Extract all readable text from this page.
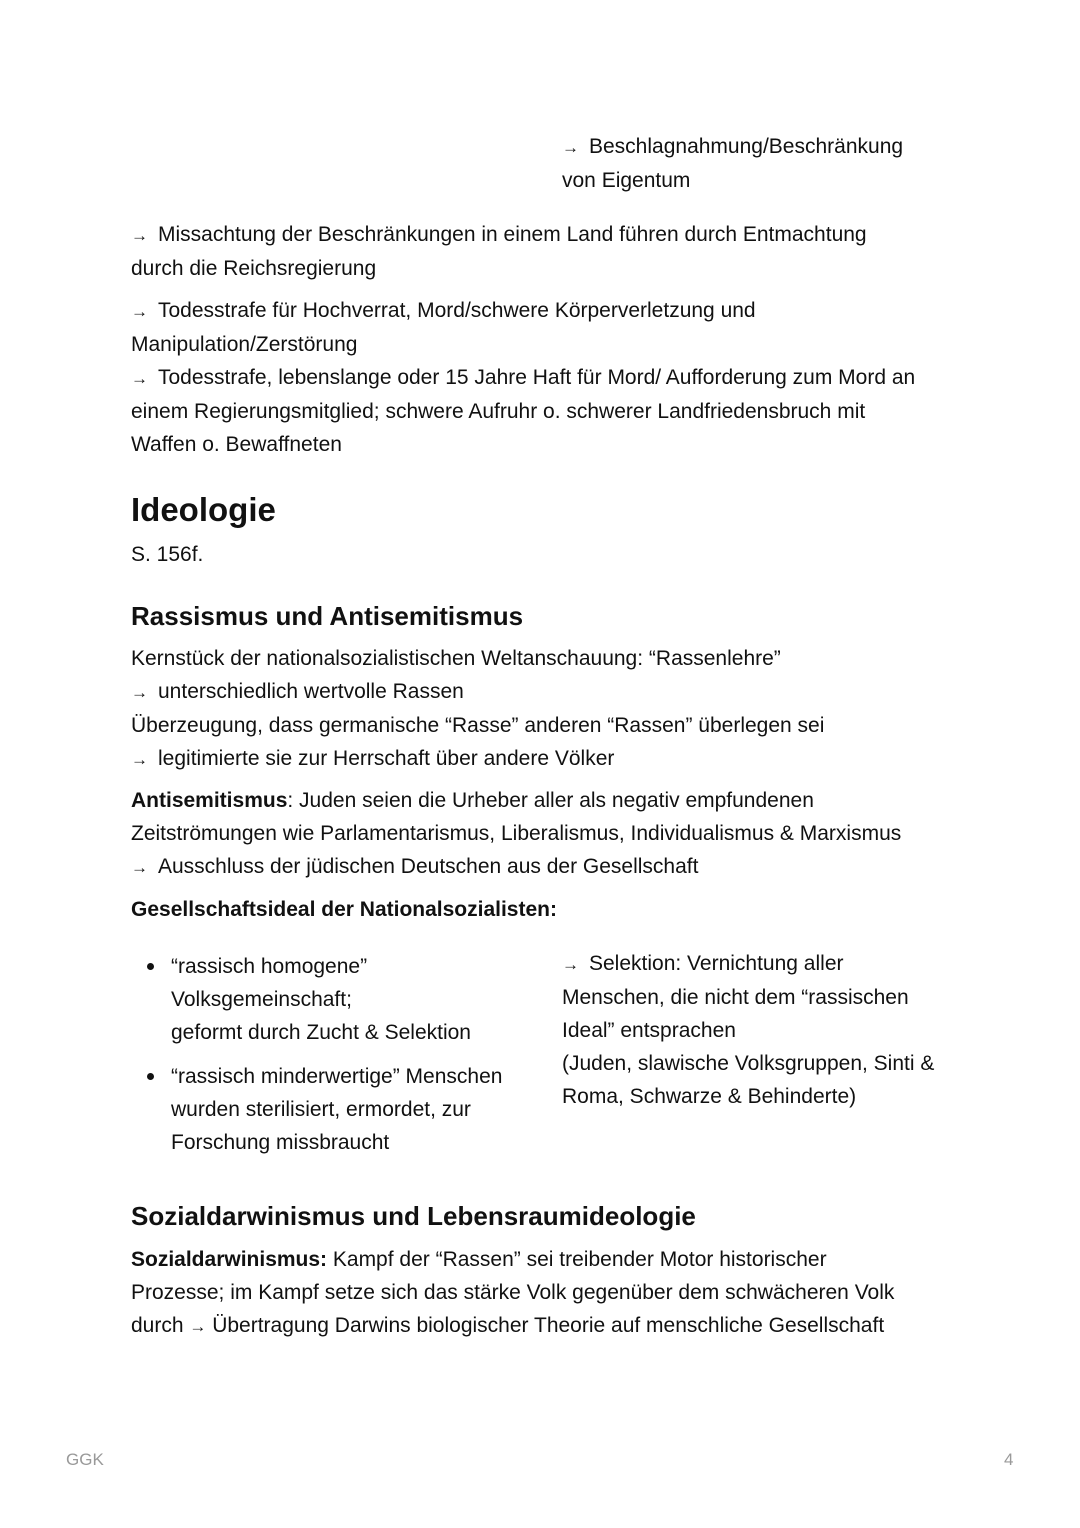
→ Beschlagnahmung/Beschränkung
von Eigentum
→ Missachtung der Beschränkungen in einem Land führen durch Entmachtung
durch die Reichsregierung
→ Todesstrafe für Hochverrat, Mord/schwere Körperverletzung und
Manipulation/Zerstörung
→ Todesstrafe, lebenslange oder 15 Jahre Haft für Mord/ Aufforderung zum Mord an
einem Regierungsmitglied; schwere Aufruhr o. schwerer Landfriedensbruch mit
Waffen o. Bewaffneten
Ideologie
S. 156f.
Rassismus und Antisemitismus
Kernstück der nationalsozialistischen Weltanschauung: “Rassenlehre”
→ unterschiedlich wertvolle Rassen
Überzeugung, dass germanische “Rasse” anderen “Rassen” überlegen sei
→ legitimierte sie zur Herrschaft über andere Völker
Antisemitismus: Juden seien die Urheber aller als negativ empfundenen
Zeitströmungen wie Parlamentarismus, Liberalismus, Individualismus & Marxismus
→ Ausschluss der jüdischen Deutschen aus der Gesellschaft
Gesellschaftsideal der Nationalsozialisten:
“rassisch homogene”
Volksgemeinschaft;
geformt durch Zucht & Selektion
“rassisch minderwertige” Menschen
wurden sterilisiert, ermordet, zur
Forschung missbraucht
→ Selektion: Vernichtung aller
Menschen, die nicht dem “rassischen
Ideal” entsprachen
(Juden, slawische Volksgruppen, Sinti &
Roma, Schwarze & Behinderte)
Sozialdarwinismus und Lebensraumideologie
Sozialdarwinismus: Kampf der “Rassen” sei treibender Motor historischer
Prozesse; im Kampf setze sich das stärke Volk gegenüber dem schwächeren Volk
durch → Übertragung Darwins biologischer Theorie auf menschliche Gesellschaft
GGK	4
